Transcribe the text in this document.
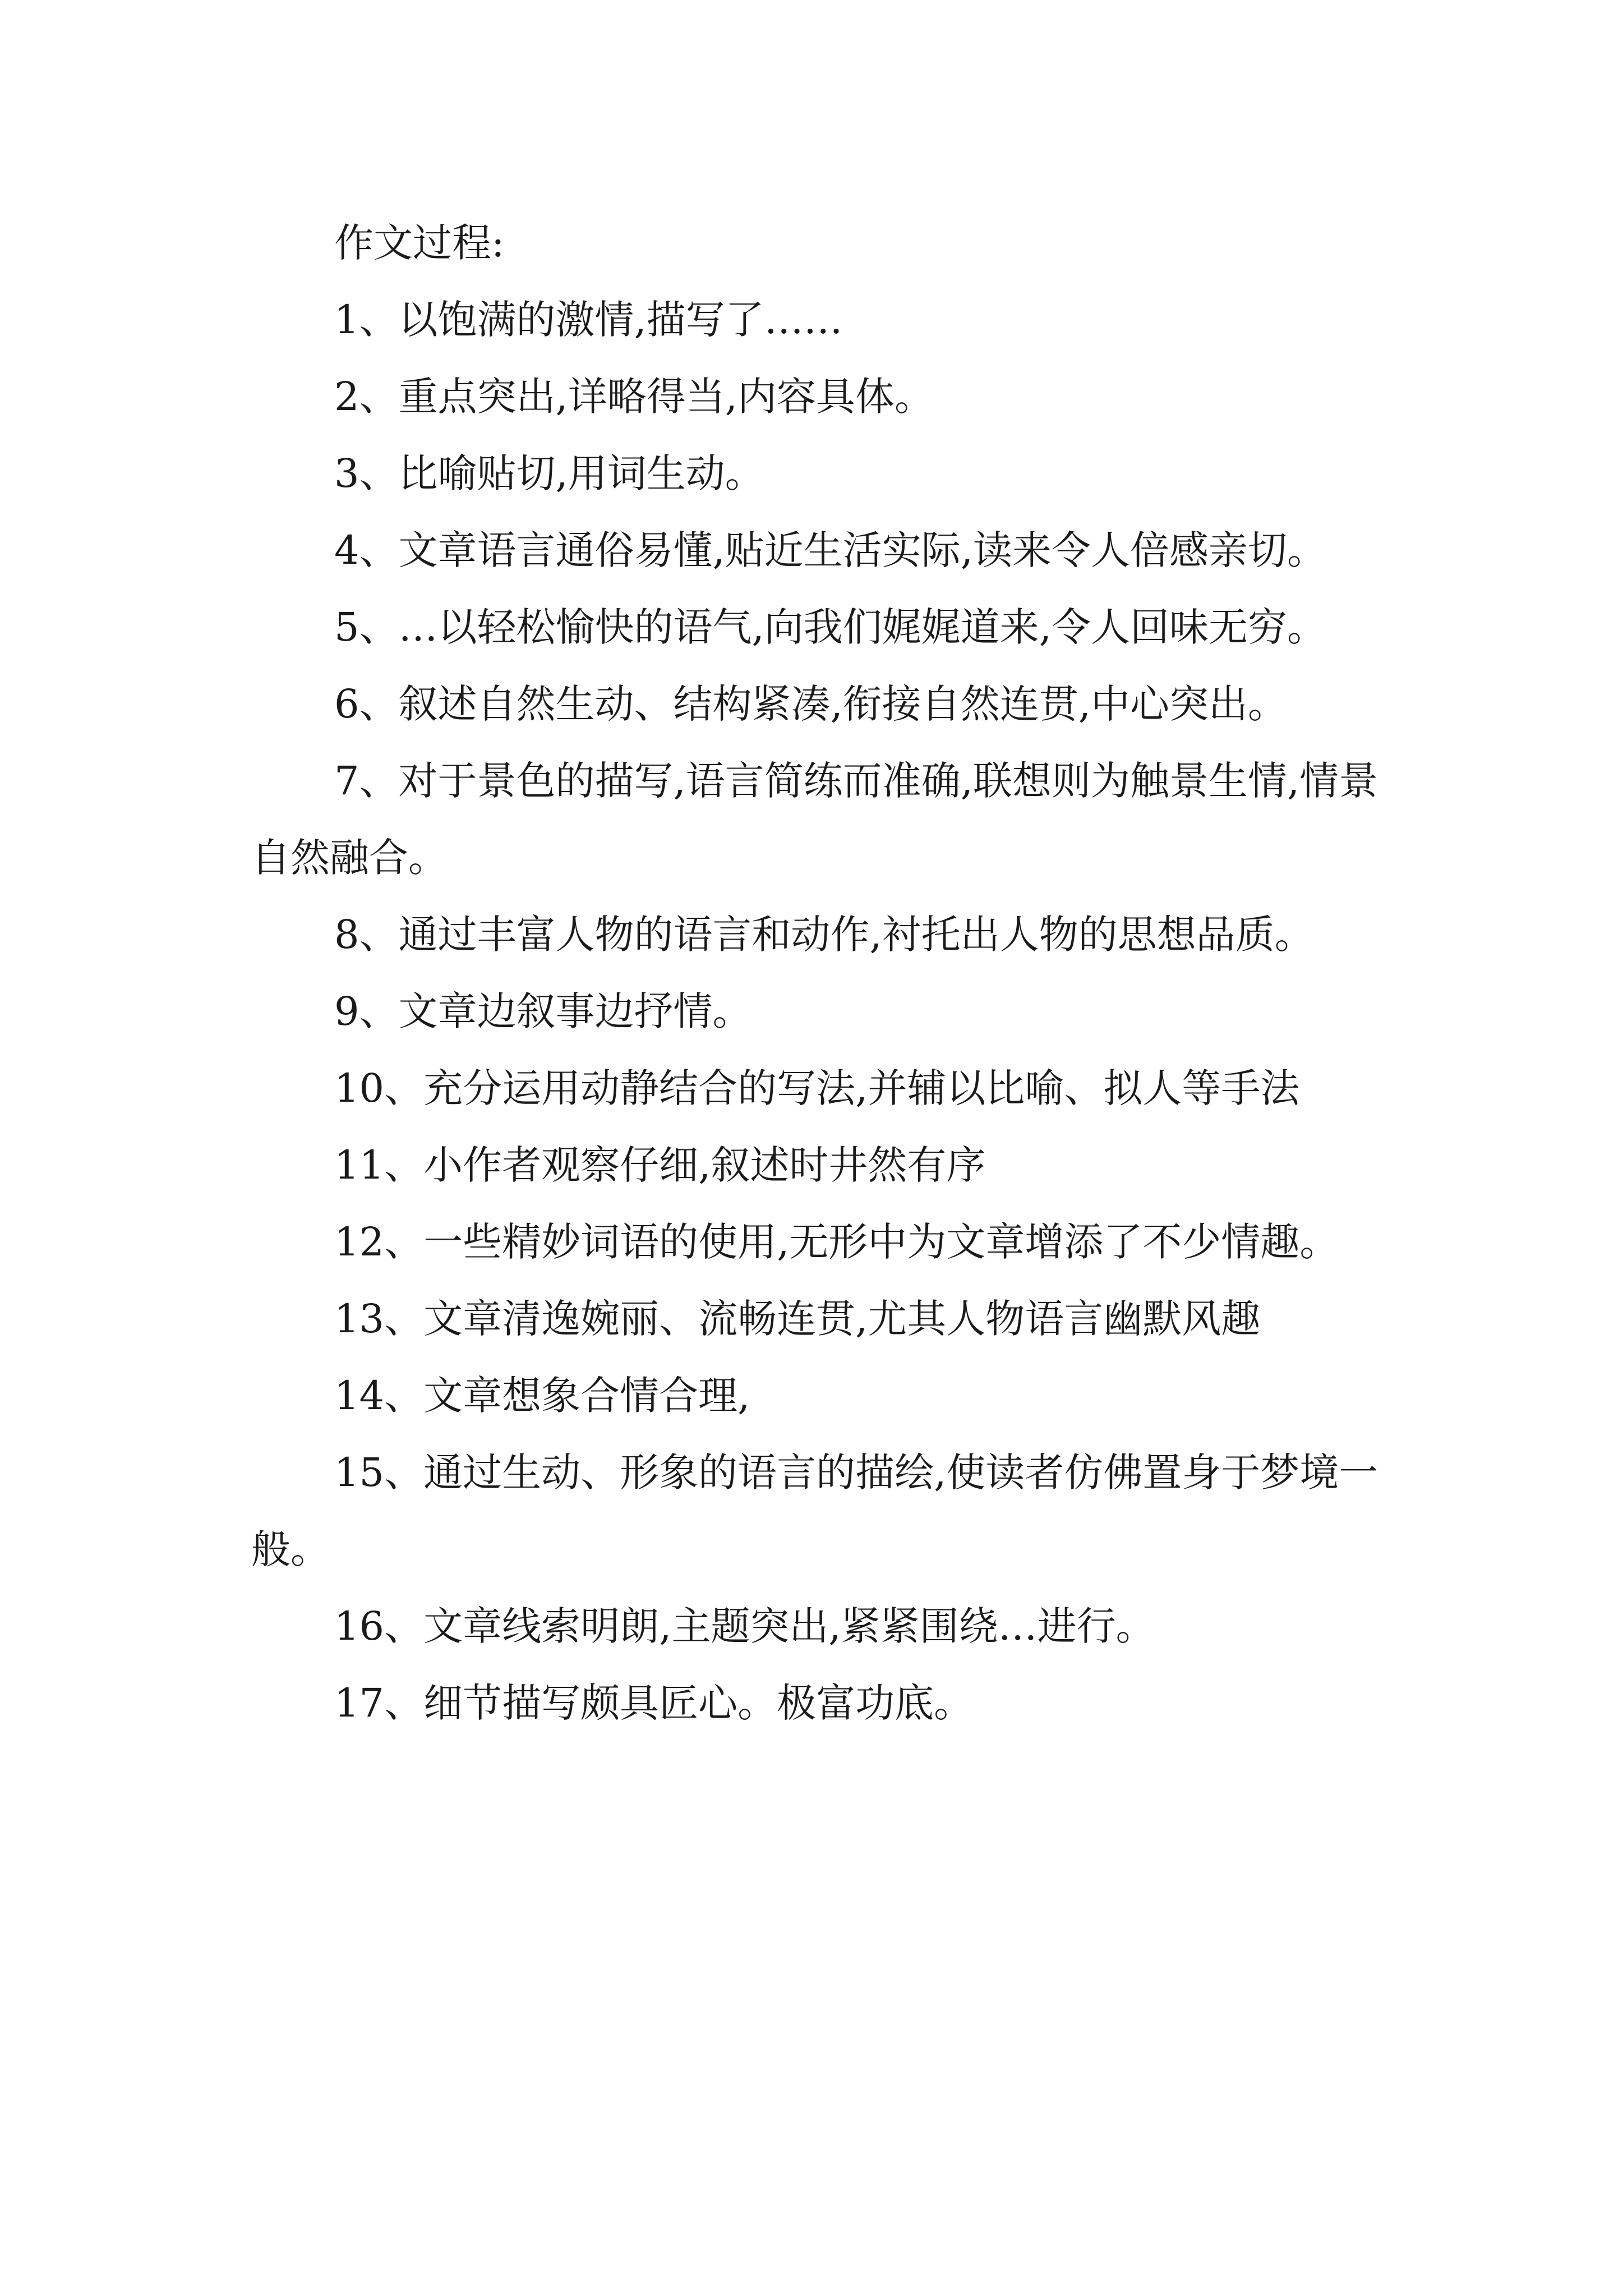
作文过程:

1、以饱满的激情,描写了……

2、重点突出,详略得当,内容具体。

3、比喻贴切,用词生动。

4、文章语言通俗易懂,贴近生活实际,读来令人倍感亲切。

5、…以轻松愉快的语气,向我们娓娓道来,令人回味无穷。

6、叙述自然生动、结构紧凑,衔接自然连贯,中心突出。

7、对于景色的描写,语言简练而准确,联想则为触景生情,情景自然融合。

8、通过丰富人物的语言和动作,衬托出人物的思想品质。

9、文章边叙事边抒情。

10、充分运用动静结合的写法,并辅以比喻、拟人等手法

11、小作者观察仔细,叙述时井然有序

12、一些精妙词语的使用,无形中为文章增添了不少情趣。

13、文章清逸婉丽、流畅连贯,尤其人物语言幽默风趣

14、文章想象合情合理,

15、通过生动、形象的语言的描绘,使读者仿佛置身于梦境一般。

16、文章线索明朗,主题突出,紧紧围绕…进行。

17、细节描写颇具匠心。极富功底。
